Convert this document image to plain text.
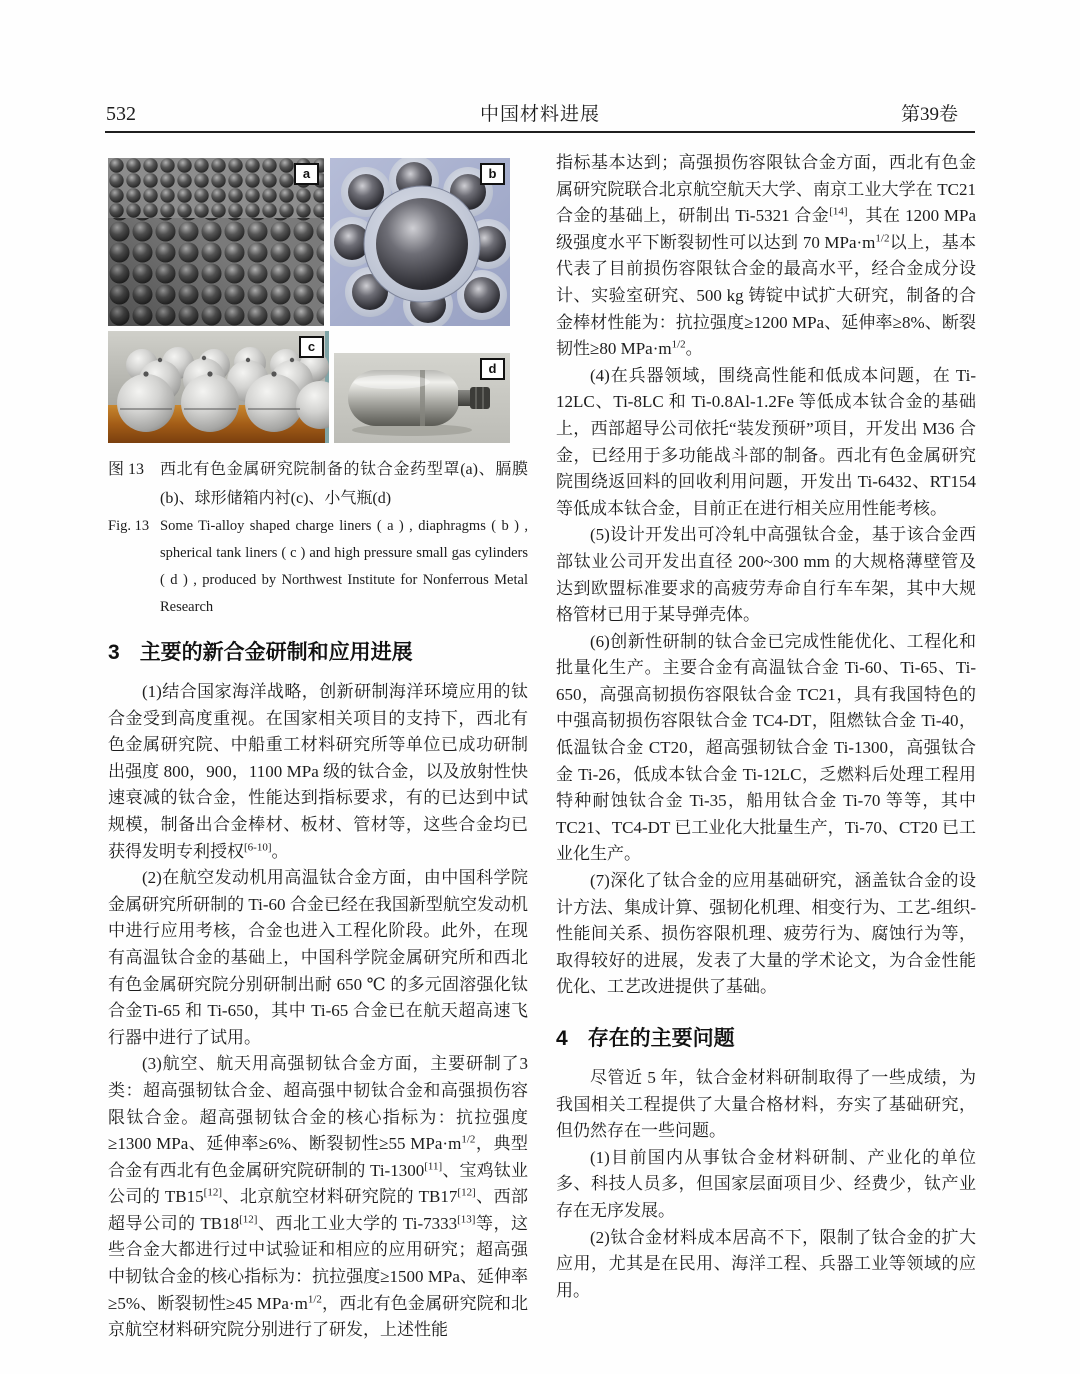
532	中国材料进展	第39卷
a	b
c
d
图 13 西北有色金属研究院制备的钛合金药型罩(a)、膈膜(b)、球形储箱内衬(c)、小气瓶(d)
Fig. 13 Some Ti-alloy shaped charge liners ( a ) , diaphragms ( b ) , spherical tank liners ( c ) and high pressure small gas cylinders ( d ) , produced by Northwest Institute for Nonferrous Metal Research
3 主要的新合金研制和应用进展

(1)结合国家海洋战略，创新研制海洋环境应用的钛合金受到高度重视。在国家相关项目的支持下，西北有色金属研究院、中船重工材料研究所等单位已成功研制出强度 800，900，1100 MPa 级的钛合金，以及放射性快速衰减的钛合金，性能达到指标要求，有的已达到中试规模，制备出合金棒材、板材、管材等，这些合金均已获得发明专利授权[6-10]。

(2)在航空发动机用高温钛合金方面，由中国科学院金属研究所研制的 Ti-60 合金已经在我国新型航空发动机中进行应用考核，合金也进入工程化阶段。此外，在现有高温钛合金的基础上，中国科学院金属研究所和西北有色金属研究院分别研制出耐 650 ℃ 的多元固溶强化钛合金Ti-65 和 Ti-650，其中 Ti-65 合金已在航天超高速飞行器中进行了试用。

(3)航空、航天用高强韧钛合金方面，主要研制了3类：超高强韧钛合金、超高强中韧钛合金和高强损伤容限钛合金。超高强韧钛合金的核心指标为：抗拉强度≥1300 MPa、延伸率≥6%、断裂韧性≥55 $MPa\cdot m^{1/2}$，典型合金有西北有色金属研究院研制的 Ti-1300[11]、宝鸡钛业公司的 TB15[12]、北京航空材料研究院的 TB17[12]、西部超导公司的 TB18[12]、西北工业大学的 Ti-7333[13]等，这些合金大都进行过中试验证和相应的应用研究；超高强中韧钛合金的核心指标为：抗拉强度≥1500 MPa、延伸率≥5%、断裂韧性≥45 $MPa\cdot m^{1/2}$，西北有色金属研究院和北京航空材料研究院分别进行了研发，上述性能

指标基本达到；高强损伤容限钛合金方面，西北有色金属研究院联合北京航空航天大学、南京工业大学在 TC21 合金的基础上，研制出 Ti-5321 合金[14]，其在 1200 MPa 级强度水平下断裂韧性可以达到 70 $MPa\cdot m^{1/2}$以上，基本代表了目前损伤容限钛合金的最高水平，经合金成分设计、实验室研究、500 kg 铸锭中试扩大研究，制备的合金棒材性能为：抗拉强度≥1200 MPa、延伸率≥8%、断裂韧性≥80 $MPa\cdot m^{1/2}$。

(4)在兵器领域，围绕高性能和低成本问题，在 Ti-12LC、Ti-8LC 和 Ti-0.8Al-1.2Fe 等低成本钛合金的基础上，西部超导公司依托“装发预研”项目，开发出 M36 合金，已经用于多功能战斗部的制备。西北有色金属研究院围绕返回料的回收利用问题，开发出 Ti-6432、RT154 等低成本钛合金，目前正在进行相关应用性能考核。

(5)设计开发出可冷轧中高强钛合金，基于该合金西部钛业公司开发出直径 200~300 mm 的大规格薄壁管及达到欧盟标准要求的高疲劳寿命自行车车架，其中大规格管材已用于某导弹壳体。

(6)创新性研制的钛合金已完成性能优化、工程化和批量化生产。主要合金有高温钛合金 Ti-60、Ti-65、Ti-650，高强高韧损伤容限钛合金 TC21，具有我国特色的中强高韧损伤容限钛合金 TC4-DT，阻燃钛合金 Ti-40，低温钛合金 CT20，超高强韧钛合金 Ti-1300，高强钛合金 Ti-26，低成本钛合金 Ti-12LC，乏燃料后处理工程用特种耐蚀钛合金 Ti-35，船用钛合金 Ti-70 等等，其中 TC21、TC4-DT 已工业化大批量生产，Ti-70、CT20 已工业化生产。

(7)深化了钛合金的应用基础研究，涵盖钛合金的设计方法、集成计算、强韧化机理、相变行为、工艺-组织-性能间关系、损伤容限机理、疲劳行为、腐蚀行为等，取得较好的进展，发表了大量的学术论文，为合金性能优化、工艺改进提供了基础。

4 存在的主要问题

尽管近 5 年，钛合金材料研制取得了一些成绩，为我国相关工程提供了大量合格材料，夯实了基础研究，但仍然存在一些问题。

(1)目前国内从事钛合金材料研制、产业化的单位多、科技人员多，但国家层面项目少、经费少，钛产业存在无序发展。

(2)钛合金材料成本居高不下，限制了钛合金的扩大应用，尤其是在民用、海洋工程、兵器工业等领域的应用。
